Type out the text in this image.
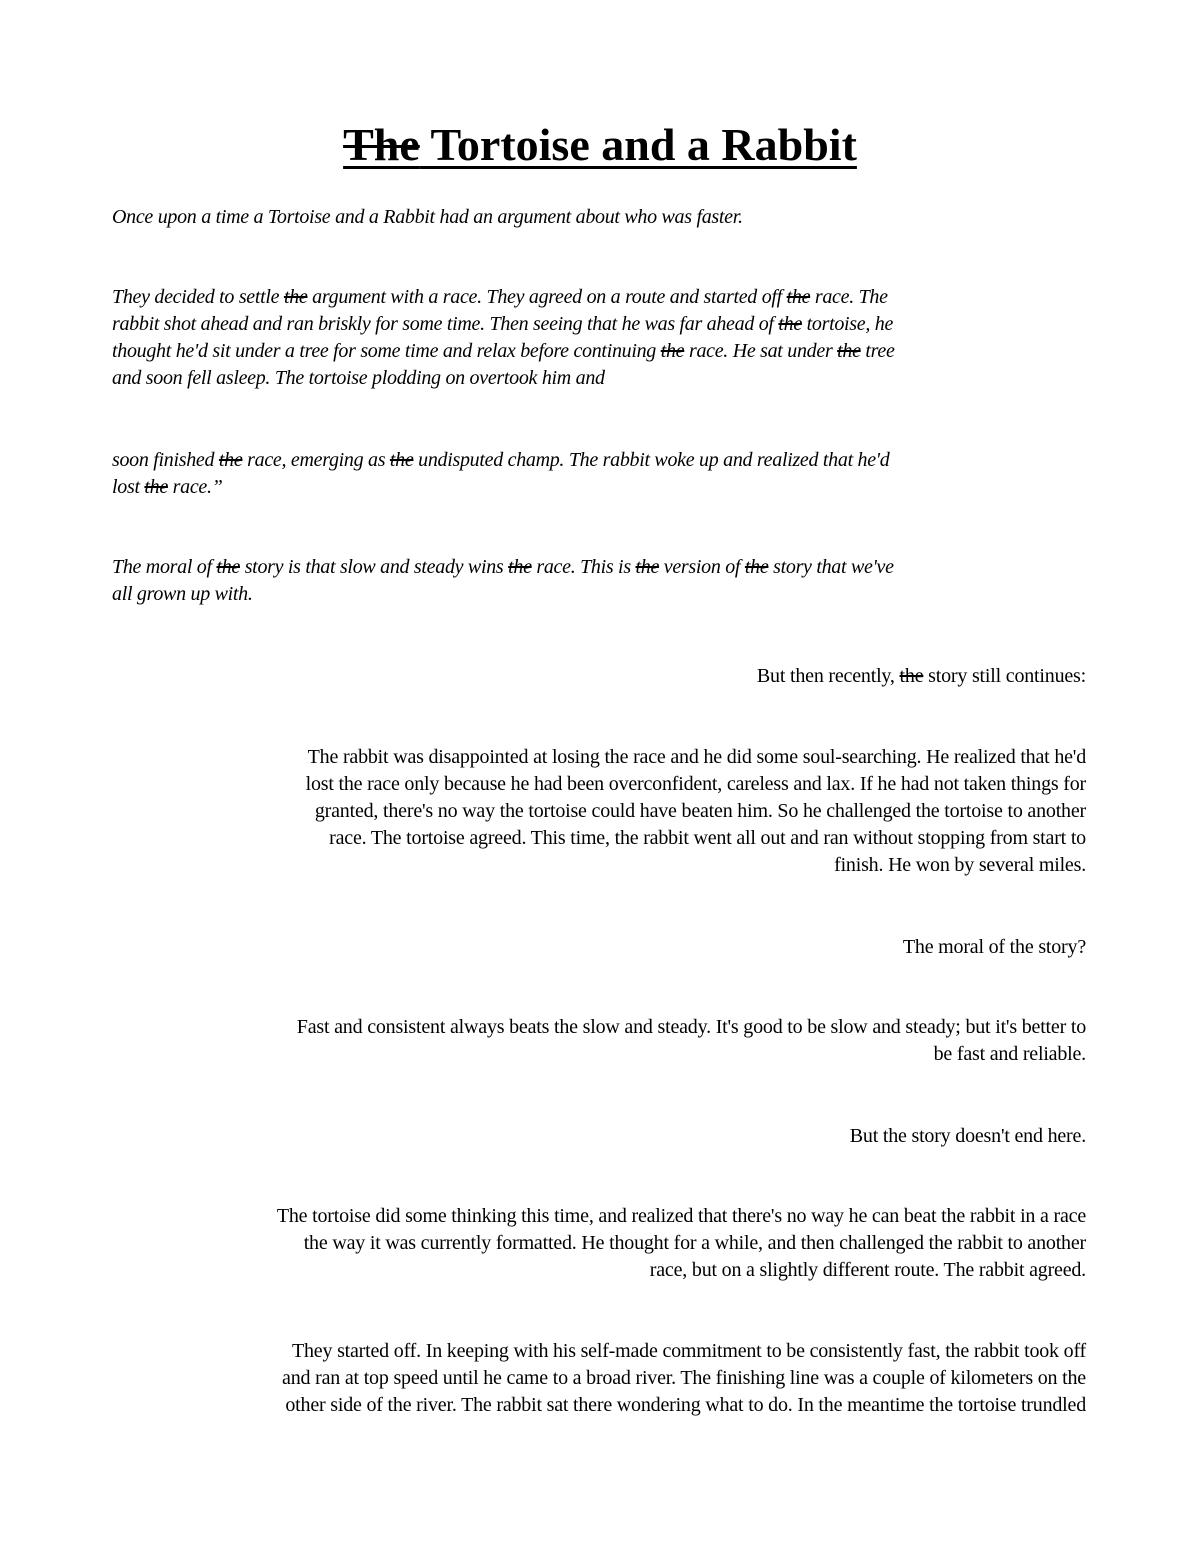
The Tortoise and a Rabbit

Once upon a time a Tortoise and a Rabbit had an argument about who was faster.

They decided to settle the argument with a race. They agreed on a route and started off the race. The
rabbit shot ahead and ran briskly for some time. Then seeing that he was far ahead of the tortoise, he
thought he'd sit under a tree for some time and relax before continuing the race. He sat under the tree
and soon fell asleep. The tortoise plodding on overtook him and

soon finished the race, emerging as the undisputed champ. The rabbit woke up and realized that he'd
lost the race.”

The moral of the story is that slow and steady wins the race. This is the version of the story that we've
all grown up with.

But then recently, the story still continues:

The rabbit was disappointed at losing the race and he did some soul-searching. He realized that he'd
lost the race only because he had been overconfident, careless and lax. If he had not taken things for
granted, there's no way the tortoise could have beaten him. So he challenged the tortoise to another
race. The tortoise agreed. This time, the rabbit went all out and ran without stopping from start to
finish. He won by several miles.

The moral of the story?

Fast and consistent always beats the slow and steady. It's good to be slow and steady; but it's better to
be fast and reliable.

But the story doesn't end here.

The tortoise did some thinking this time, and realized that there's no way he can beat the rabbit in a race
the way it was currently formatted. He thought for a while, and then challenged the rabbit to another
race, but on a slightly different route. The rabbit agreed.

They started off. In keeping with his self-made commitment to be consistently fast, the rabbit took off
and ran at top speed until he came to a broad river. The finishing line was a couple of kilometers on the
other side of the river. The rabbit sat there wondering what to do. In the meantime the tortoise trundled
